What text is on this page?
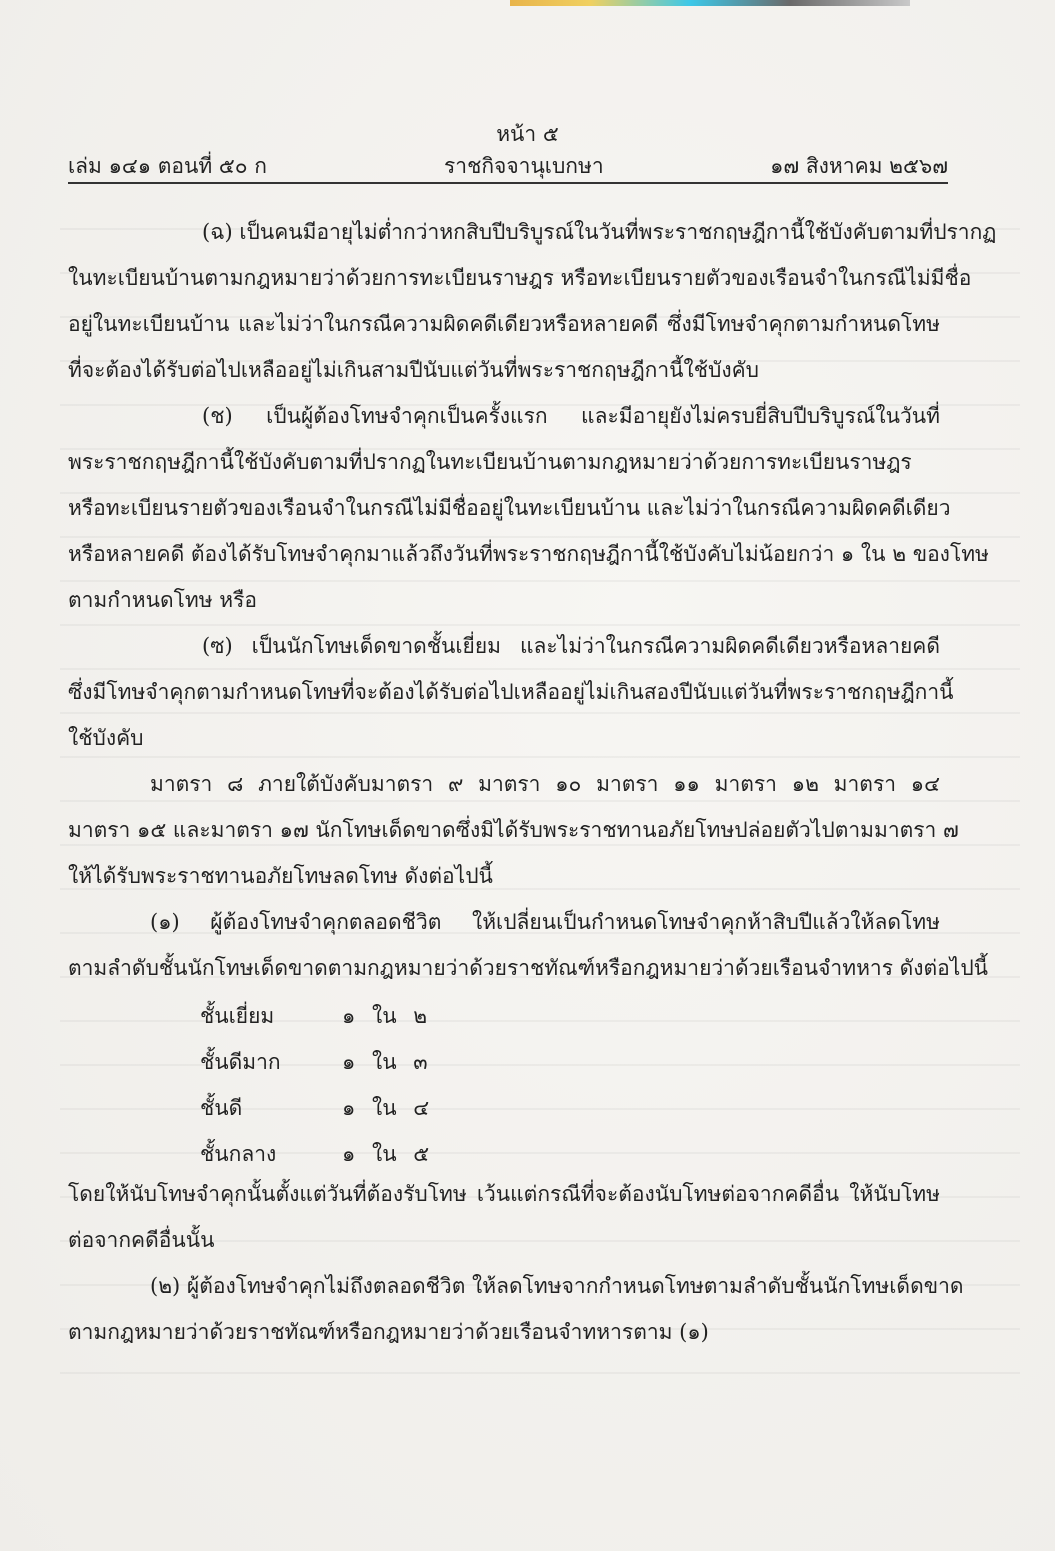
หน้า ๕
เล่ม ๑๔๑ ตอนที่ ๕๐ ก	ราชกิจจานุเบกษา	๑๗ สิงหาคม ๒๕๖๗
(ฉ) เป็นคนมีอายุไม่ต่ำกว่าหกสิบปีบริบูรณ์ในวันที่พระราชกฤษฎีกานี้ใช้บังคับตามที่ปรากฏ
ในทะเบียนบ้านตามกฎหมายว่าด้วยการทะเบียนราษฎร หรือทะเบียนรายตัวของเรือนจำในกรณีไม่มีชื่อ
อยู่ในทะเบียนบ้าน และไม่ว่าในกรณีความผิดคดีเดียวหรือหลายคดี ซึ่งมีโทษจำคุกตามกำหนดโทษ
ที่จะต้องได้รับต่อไปเหลืออยู่ไม่เกินสามปีนับแต่วันที่พระราชกฤษฎีกานี้ใช้บังคับ
(ช) เป็นผู้ต้องโทษจำคุกเป็นครั้งแรก และมีอายุยังไม่ครบยี่สิบปีบริบูรณ์ในวันที่
พระราชกฤษฎีกานี้ใช้บังคับตามที่ปรากฏในทะเบียนบ้านตามกฎหมายว่าด้วยการทะเบียนราษฎร
หรือทะเบียนรายตัวของเรือนจำในกรณีไม่มีชื่ออยู่ในทะเบียนบ้าน และไม่ว่าในกรณีความผิดคดีเดียว
หรือหลายคดี ต้องได้รับโทษจำคุกมาแล้วถึงวันที่พระราชกฤษฎีกานี้ใช้บังคับไม่น้อยกว่า ๑ ใน ๒ ของโทษ
ตามกำหนดโทษ หรือ
(ซ) เป็นนักโทษเด็ดขาดชั้นเยี่ยม และไม่ว่าในกรณีความผิดคดีเดียวหรือหลายคดี
ซึ่งมีโทษจำคุกตามกำหนดโทษที่จะต้องได้รับต่อไปเหลืออยู่ไม่เกินสองปีนับแต่วันที่พระราชกฤษฎีกานี้
ใช้บังคับ
มาตรา ๘ ภายใต้บังคับมาตรา ๙ มาตรา ๑๐ มาตรา ๑๑ มาตรา ๑๒ มาตรา ๑๔
มาตรา ๑๕ และมาตรา ๑๗ นักโทษเด็ดขาดซึ่งมิได้รับพระราชทานอภัยโทษปล่อยตัวไปตามมาตรา ๗
ให้ได้รับพระราชทานอภัยโทษลดโทษ ดังต่อไปนี้
(๑) ผู้ต้องโทษจำคุกตลอดชีวิต ให้เปลี่ยนเป็นกำหนดโทษจำคุกห้าสิบปีแล้วให้ลดโทษ
ตามลำดับชั้นนักโทษเด็ดขาดตามกฎหมายว่าด้วยราชทัณฑ์หรือกฎหมายว่าด้วยเรือนจำทหาร ดังต่อไปนี้
ชั้นเยี่ยม	๑ ใน ๒
ชั้นดีมาก	๑ ใน ๓
ชั้นดี	๑ ใน ๔
ชั้นกลาง	๑ ใน ๕
โดยให้นับโทษจำคุกนั้นตั้งแต่วันที่ต้องรับโทษ เว้นแต่กรณีที่จะต้องนับโทษต่อจากคดีอื่น ให้นับโทษ
ต่อจากคดีอื่นนั้น
(๒) ผู้ต้องโทษจำคุกไม่ถึงตลอดชีวิต ให้ลดโทษจากกำหนดโทษตามลำดับชั้นนักโทษเด็ดขาด
ตามกฎหมายว่าด้วยราชทัณฑ์หรือกฎหมายว่าด้วยเรือนจำทหารตาม (๑)
